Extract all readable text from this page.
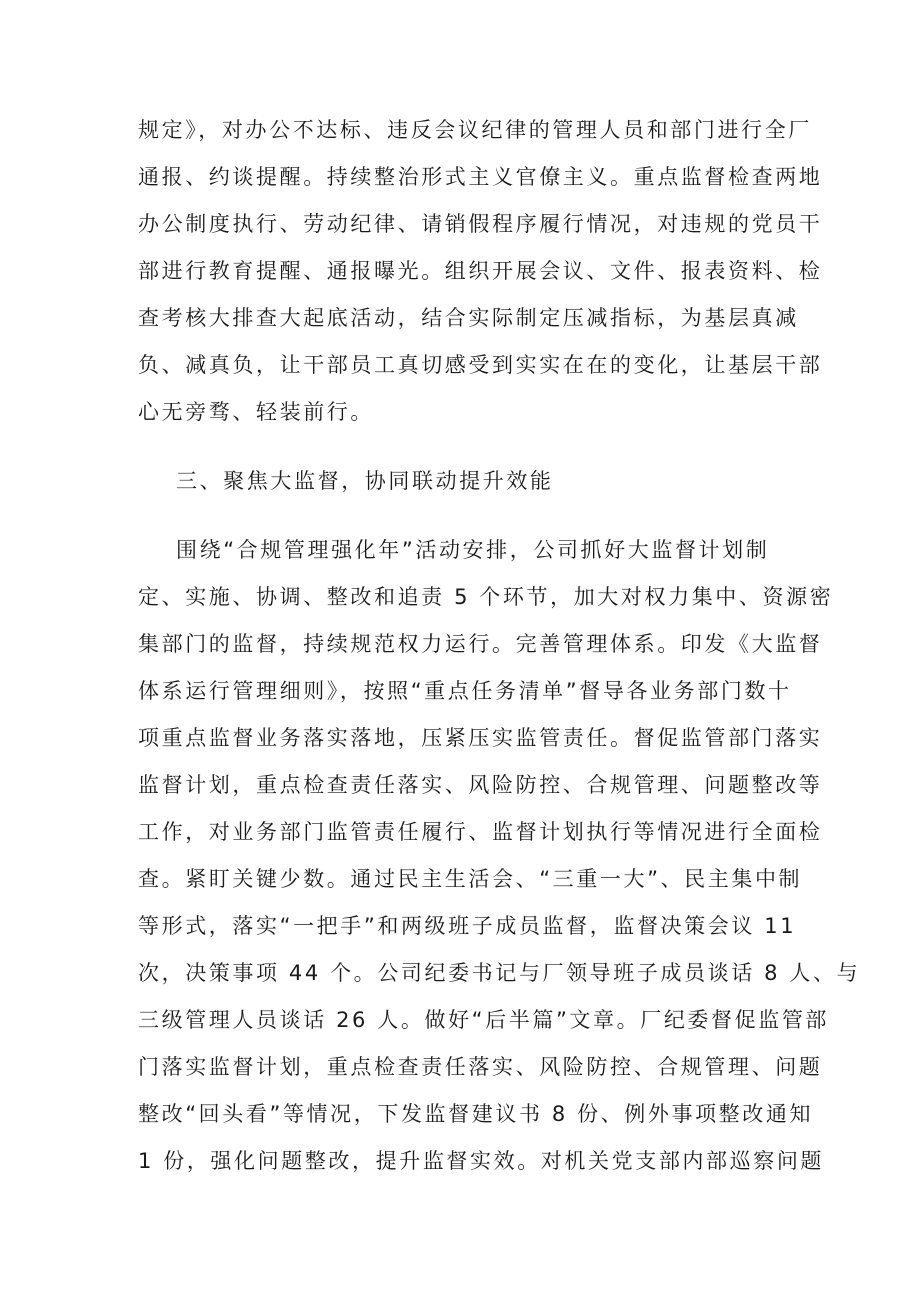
规定》，对办公不达标、违反会议纪律的管理人员和部门进行全厂
通报、约谈提醒。持续整治形式主义官僚主义。重点监督检查两地
办公制度执行、劳动纪律、请销假程序履行情况，对违规的党员干
部进行教育提醒、通报曝光。组织开展会议、文件、报表资料、检
查考核大排查大起底活动，结合实际制定压减指标，为基层真减
负、减真负，让干部员工真切感受到实实在在的变化，让基层干部
心无旁骛、轻装前行。
三、聚焦大监督，协同联动提升效能
围绕“合规管理强化年”活动安排，公司抓好大监督计划制
定、实施、协调、整改和追责 5 个环节，加大对权力集中、资源密
集部门的监督，持续规范权力运行。完善管理体系。印发《大监督
体系运行管理细则》，按照“重点任务清单”督导各业务部门数十
项重点监督业务落实落地，压紧压实监管责任。督促监管部门落实
监督计划，重点检查责任落实、风险防控、合规管理、问题整改等
工作，对业务部门监管责任履行、监督计划执行等情况进行全面检
查。紧盯关键少数。通过民主生活会、“三重一大”、民主集中制
等形式，落实“一把手”和两级班子成员监督，监督决策会议 11
次，决策事项 44 个。公司纪委书记与厂领导班子成员谈话 8 人、与
三级管理人员谈话 26 人。做好“后半篇”文章。厂纪委督促监管部
门落实监督计划，重点检查责任落实、风险防控、合规管理、问题
整改“回头看”等情况，下发监督建议书 8 份、例外事项整改通知
1 份，强化问题整改，提升监督实效。对机关党支部内部巡察问题
